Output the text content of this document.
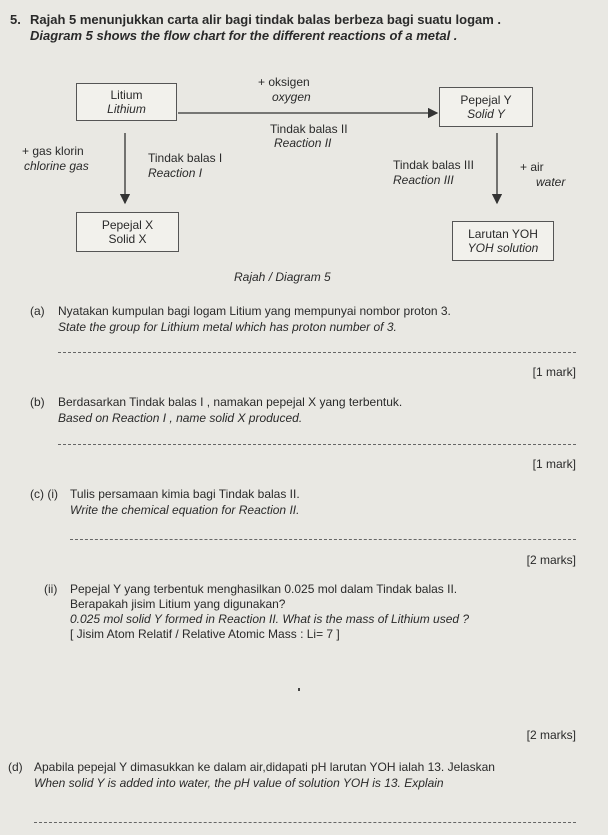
5. Rajah 5 menunjukkan carta alir bagi tindak balas berbeza bagi suatu logam .
Diagram 5 shows the flow chart for the different reactions of a metal .
Litium
Lithium
Pepejal Y
Solid Y
Pepejal X
Solid X	Larutan YOH
YOH solution
+ oksigen
oxygen
Tindak balas II
Reaction II
+ gas klorin
chlorine gas
Tindak balas I
Reaction I
Tindak balas III
Reaction III
+ air
water
Rajah / Diagram 5
(a) Nyatakan kumpulan bagi logam Litium yang mempunyai nombor proton 3.
State the group for Lithium metal which has proton number of 3.
[1 mark]
(b) Berdasarkan Tindak balas I , namakan pepejal X yang terbentuk.
Based on Reaction I , name solid X produced.
[1 mark]
(c) (i) Tulis persamaan kimia bagi Tindak balas II.
Write the chemical equation for Reaction II.
[2 marks]
(ii) Pepejal Y yang terbentuk menghasilkan 0.025 mol dalam Tindak balas II.
Berapakah jisim Litium yang digunakan?
0.025 mol solid Y formed in Reaction II. What is the mass of Lithium used ?
[ Jisim Atom Relatif / Relative Atomic Mass : Li= 7 ]
[2 marks]
(d) Apabila pepejal Y dimasukkan ke dalam air,didapati pH larutan YOH ialah 13. Jelaskan
When solid Y is added into water, the pH value of solution YOH is 13. Explain
